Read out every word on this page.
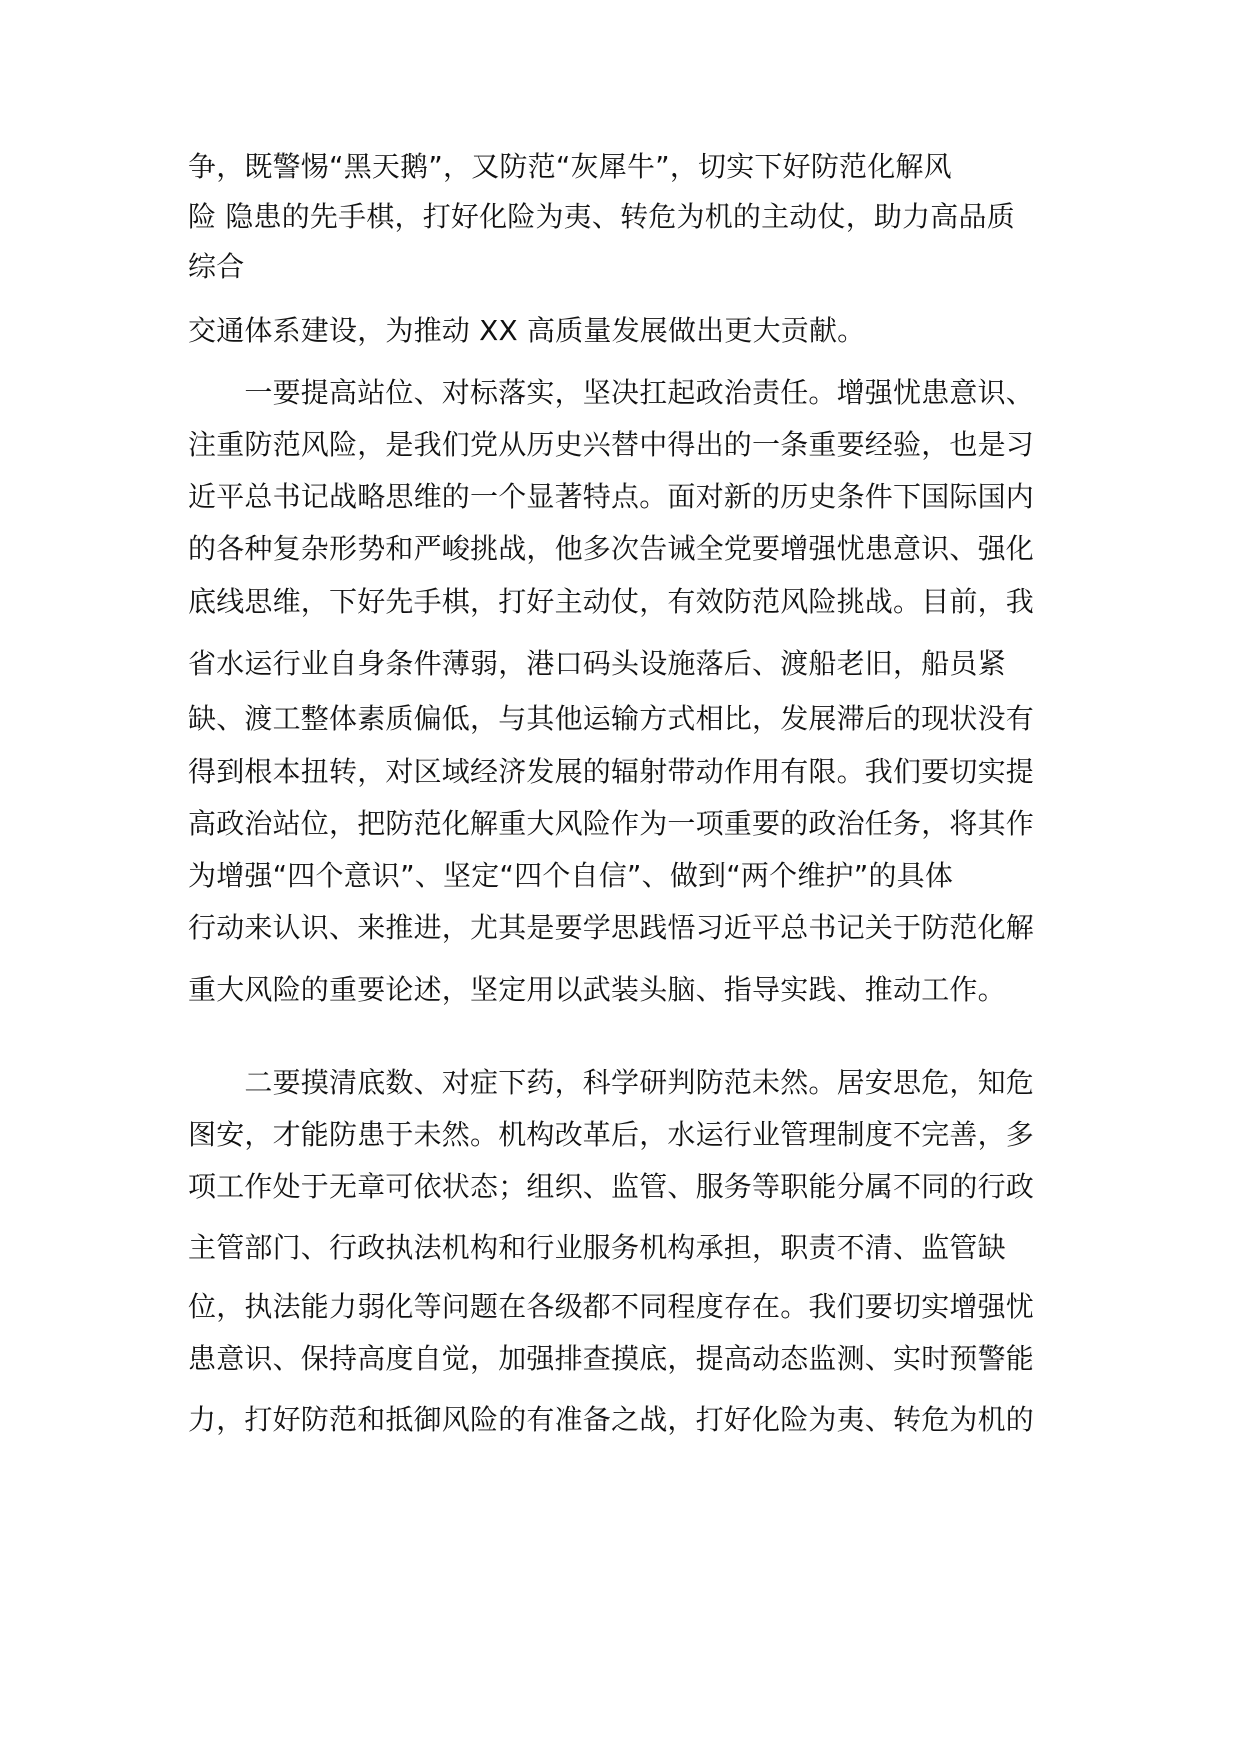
争，既警惕“黑天鹅”，又防范“灰犀牛”，切实下好防范化解风
险 隐患的先手棋，打好化险为夷、转危为机的主动仗，助力高品质
综合
交通体系建设，为推动 XX 高质量发展做出更大贡献。
　　一要提高站位、对标落实，坚决扛起政治责任。增强忧患意识、
注重防范风险，是我们党从历史兴替中得出的一条重要经验，也是习
近平总书记战略思维的一个显著特点。面对新的历史条件下国际国内
的各种复杂形势和严峻挑战，他多次告诫全党要增强忧患意识、强化
底线思维，下好先手棋，打好主动仗，有效防范风险挑战。目前，我
省水运行业自身条件薄弱，港口码头设施落后、渡船老旧，船员紧
缺、渡工整体素质偏低，与其他运输方式相比，发展滞后的现状没有
得到根本扭转，对区域经济发展的辐射带动作用有限。我们要切实提
高政治站位，把防范化解重大风险作为一项重要的政治任务，将其作
为增强“四个意识”、坚定“四个自信”、做到“两个维护”的具体
行动来认识、来推进，尤其是要学思践悟习近平总书记关于防范化解
重大风险的重要论述，坚定用以武装头脑、指导实践、推动工作。
　　二要摸清底数、对症下药，科学研判防范未然。居安思危，知危
图安，才能防患于未然。机构改革后，水运行业管理制度不完善，多
项工作处于无章可依状态；组织、监管、服务等职能分属不同的行政
主管部门、行政执法机构和行业服务机构承担，职责不清、监管缺
位，执法能力弱化等问题在各级都不同程度存在。我们要切实增强忧
患意识、保持高度自觉，加强排查摸底，提高动态监测、实时预警能
力，打好防范和抵御风险的有准备之战，打好化险为夷、转危为机的
